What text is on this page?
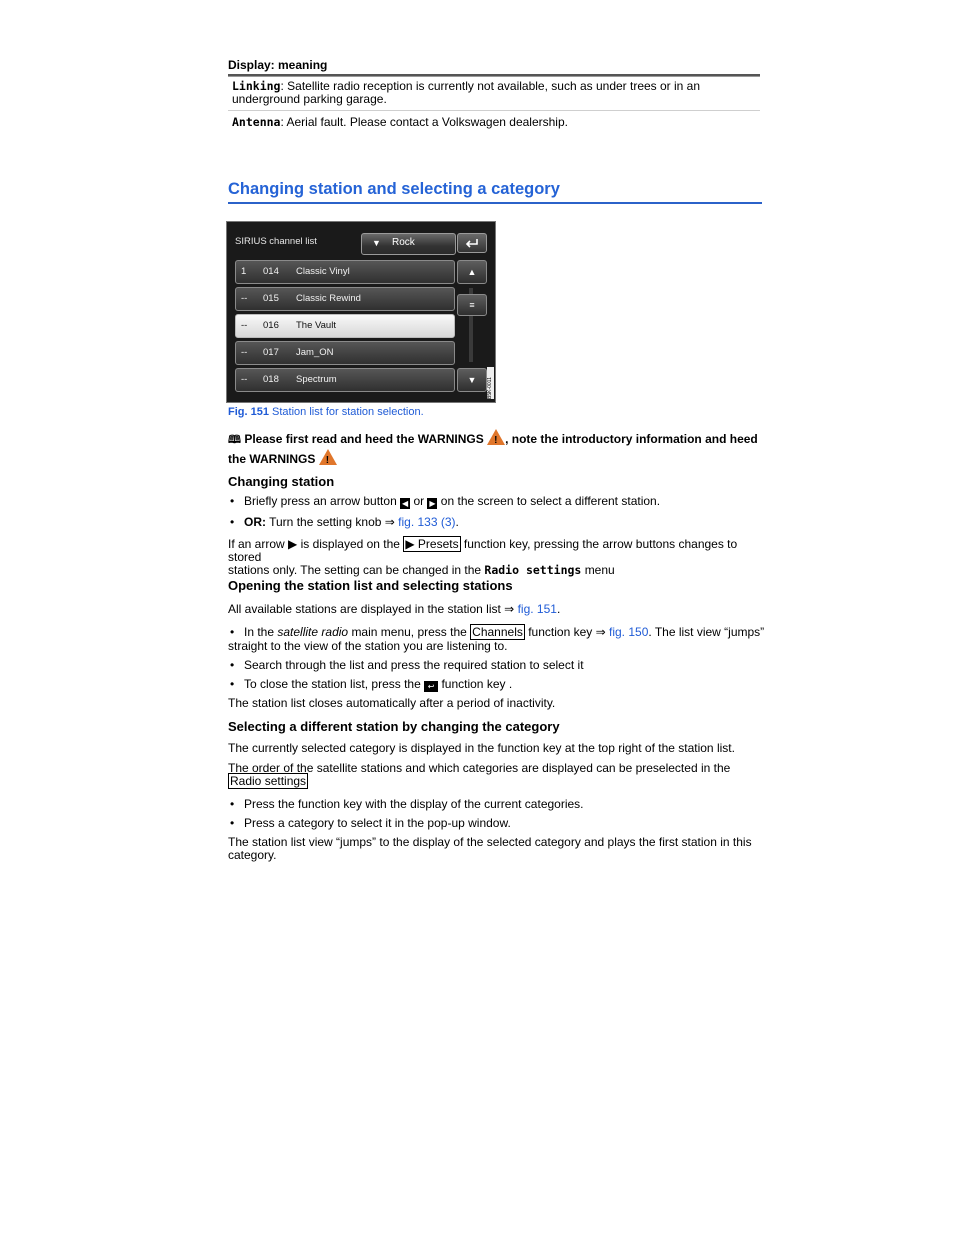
Display: meaning
Linking: Satellite radio reception is currently not available, such as under trees or in an underground parking garage.
Antenna: Aerial fault. Please contact a Volkswagen dealership.
Changing station and selecting a category
SIRIUS channel list	▼ Rock
1 014 Classic Vinyl
-- 015 Classic Rewind
-- 016 The Vault
-- 017 Jam_ON
-- 018 Spectrum
▲
≡
▼	B5K-0011
Fig. 151 Station list for station selection.
🕮 Please first read and heed the WARNINGS ! , note the introductory information and heed
the WARNINGS !
Changing station
• Briefly press an arrow button ◀ or ▶ on the screen to select a different station.
• OR: Turn the setting knob ⇒ fig. 133 (3).
If an arrow ▶ is displayed on the ▶ Presets function key, pressing the arrow buttons changes to stored
stations only. The setting can be changed in the Radio settings menu
Opening the station list and selecting stations
All available stations are displayed in the station list ⇒ fig. 151.
• In the satellite radio main menu, press the Channels function key ⇒ fig. 150. The list view “jumps”
straight to the view of the station you are listening to.
• Search through the list and press the required station to select it
• To close the station list, press the ↩ function key .
The station list closes automatically after a period of inactivity.
Selecting a different station by changing the category
The currently selected category is displayed in the function key at the top right of the station list.
The order of the satellite stations and which categories are displayed can be preselected in the
Radio settings
• Press the function key with the display of the current categories.
• Press a category to select it in the pop-up window.
The station list view “jumps” to the display of the selected category and plays the first station in this
category.
